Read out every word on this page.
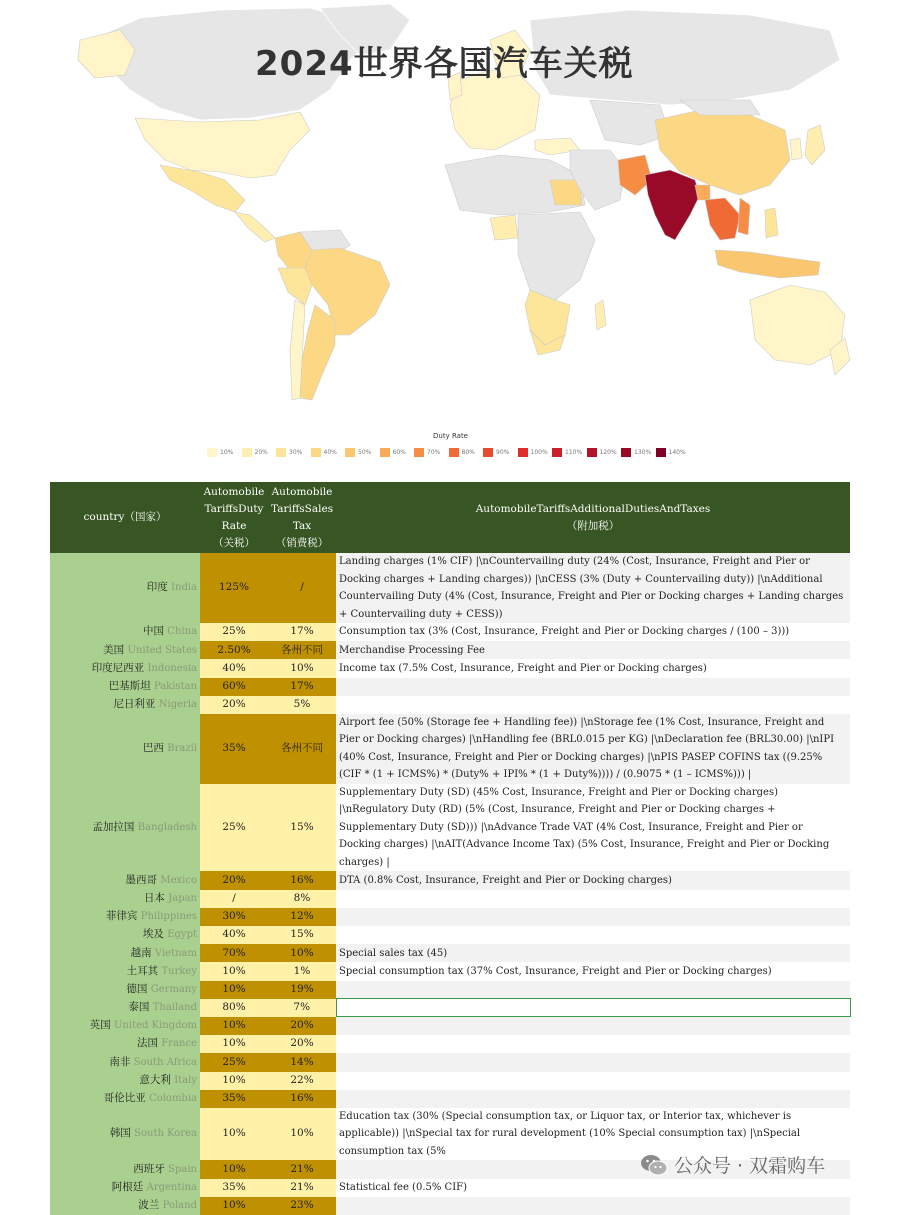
2024世界各国汽车关税
Duty Rate
10%	20%	30%	40%	50%	60%	70%	80%	90%	100%	110%	120%	130%	140%
country（国家）	Automobile
TariffsDuty
Rate
（关税）	Automobile
TariffsSales
Tax
（销费税）	AutomobileTariffsAdditionalDutiesAndTaxes
（附加税）
印度 India	125%	/	Landing charges (1% CIF) |\nCountervailing duty (24% (Cost, Insurance, Freight and Pier or Docking charges + Landing charges)) |\nCESS (3% (Duty + Countervailing duty)) |\nAdditional Countervailing Duty (4% (Cost, Insurance, Freight and Pier or Docking charges + Landing charges + Countervailing duty + CESS))
中国 China	25%	17%	Consumption tax (3% (Cost, Insurance, Freight and Pier or Docking charges / (100 – 3)))
美国 United States	2.50%	各州不同	Merchandise Processing Fee
印度尼西亚 Indonesia	40%	10%	Income tax (7.5% Cost, Insurance, Freight and Pier or Docking charges)
巴基斯坦 Pakistan	60%	17%	
尼日利亚 Nigeria	20%	5%	
巴西 Brazil	35%	各州不同	Airport fee (50% (Storage fee + Handling fee)) |\nStorage fee (1% Cost, Insurance, Freight and Pier or Docking charges) |\nHandling fee (BRL0.015 per KG) |\nDeclaration fee (BRL30.00) |\nIPI (40% Cost, Insurance, Freight and Pier or Docking charges) |\nPIS PASEP COFINS tax ((9.25% (CIF * (1 + ICMS%) * (Duty% + IPI% * (1 + Duty%)))) / (0.9075 * (1 – ICMS%))) |
孟加拉国 Bangladesh	25%	15%	Supplementary Duty (SD) (45% Cost, Insurance, Freight and Pier or Docking charges) |\nRegulatory Duty (RD) (5% (Cost, Insurance, Freight and Pier or Docking charges + Supplementary Duty (SD))) |\nAdvance Trade VAT (4% Cost, Insurance, Freight and Pier or Docking charges) |\nAIT(Advance Income Tax) (5% Cost, Insurance, Freight and Pier or Docking charges) |
墨西哥 Mexico	20%	16%	DTA (0.8% Cost, Insurance, Freight and Pier or Docking charges)
日本 Japan	/	8%	
菲律宾 Philippines	30%	12%	
埃及 Egypt	40%	15%	
越南 Vietnam	70%	10%	Special sales tax (45)
土耳其 Turkey	10%	1%	Special consumption tax (37% Cost, Insurance, Freight and Pier or Docking charges)
德国 Germany	10%	19%	
泰国 Thailand	80%	7%	
英国 United Kingdom	10%	20%	
法国 France	10%	20%	
南非 South Africa	25%	14%	
意大利 Italy	10%	22%	
哥伦比亚 Colombia	35%	16%	
韩国 South Korea	10%	10%	Education tax (30% (Special consumption tax, or Liquor tax, or Interior tax, whichever is applicable)) |\nSpecial tax for rural development (10% Special consumption tax) |\nSpecial consumption tax (5%
西班牙 Spain	10%	21%	
阿根廷 Argentina	35%	21%	Statistical fee (0.5% CIF)
波兰 Poland	10%	23%	
公众号 · 双霜购车
